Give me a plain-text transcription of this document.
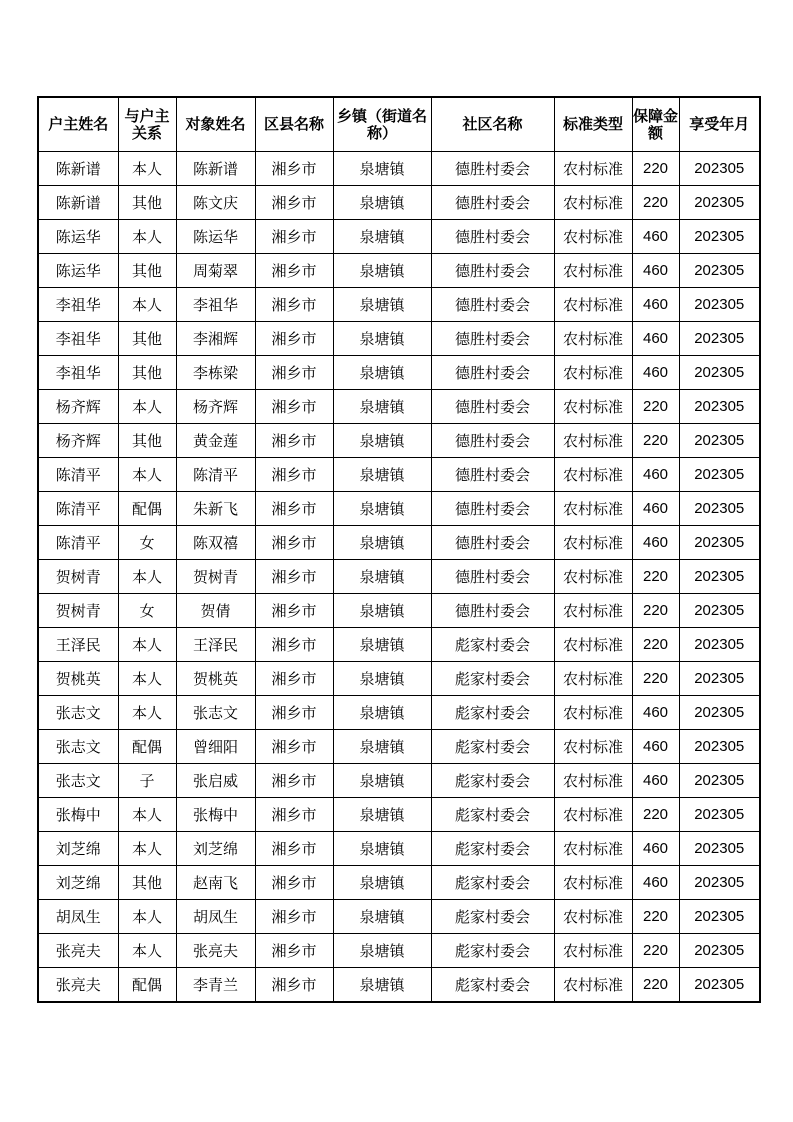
户主姓名	与户主关系	对象姓名	区县名称	乡镇（街道名称）	社区名称	标准类型	保障金额	享受年月
陈新谱	本人	陈新谱	湘乡市	泉塘镇	德胜村委会	农村标准	220	202305
陈新谱	其他	陈文庆	湘乡市	泉塘镇	德胜村委会	农村标准	220	202305
陈运华	本人	陈运华	湘乡市	泉塘镇	德胜村委会	农村标准	460	202305
陈运华	其他	周菊翠	湘乡市	泉塘镇	德胜村委会	农村标准	460	202305
李祖华	本人	李祖华	湘乡市	泉塘镇	德胜村委会	农村标准	460	202305
李祖华	其他	李湘辉	湘乡市	泉塘镇	德胜村委会	农村标准	460	202305
李祖华	其他	李栋梁	湘乡市	泉塘镇	德胜村委会	农村标准	460	202305
杨齐辉	本人	杨齐辉	湘乡市	泉塘镇	德胜村委会	农村标准	220	202305
杨齐辉	其他	黄金莲	湘乡市	泉塘镇	德胜村委会	农村标准	220	202305
陈清平	本人	陈清平	湘乡市	泉塘镇	德胜村委会	农村标准	460	202305
陈清平	配偶	朱新飞	湘乡市	泉塘镇	德胜村委会	农村标准	460	202305
陈清平	女	陈双禧	湘乡市	泉塘镇	德胜村委会	农村标准	460	202305
贺树青	本人	贺树青	湘乡市	泉塘镇	德胜村委会	农村标准	220	202305
贺树青	女	贺倩	湘乡市	泉塘镇	德胜村委会	农村标准	220	202305
王泽民	本人	王泽民	湘乡市	泉塘镇	彪家村委会	农村标准	220	202305
贺桃英	本人	贺桃英	湘乡市	泉塘镇	彪家村委会	农村标准	220	202305
张志文	本人	张志文	湘乡市	泉塘镇	彪家村委会	农村标准	460	202305
张志文	配偶	曾细阳	湘乡市	泉塘镇	彪家村委会	农村标准	460	202305
张志文	子	张启威	湘乡市	泉塘镇	彪家村委会	农村标准	460	202305
张梅中	本人	张梅中	湘乡市	泉塘镇	彪家村委会	农村标准	220	202305
刘芝绵	本人	刘芝绵	湘乡市	泉塘镇	彪家村委会	农村标准	460	202305
刘芝绵	其他	赵南飞	湘乡市	泉塘镇	彪家村委会	农村标准	460	202305
胡凤生	本人	胡凤生	湘乡市	泉塘镇	彪家村委会	农村标准	220	202305
张亮夫	本人	张亮夫	湘乡市	泉塘镇	彪家村委会	农村标准	220	202305
张亮夫	配偶	李青兰	湘乡市	泉塘镇	彪家村委会	农村标准	220	202305
